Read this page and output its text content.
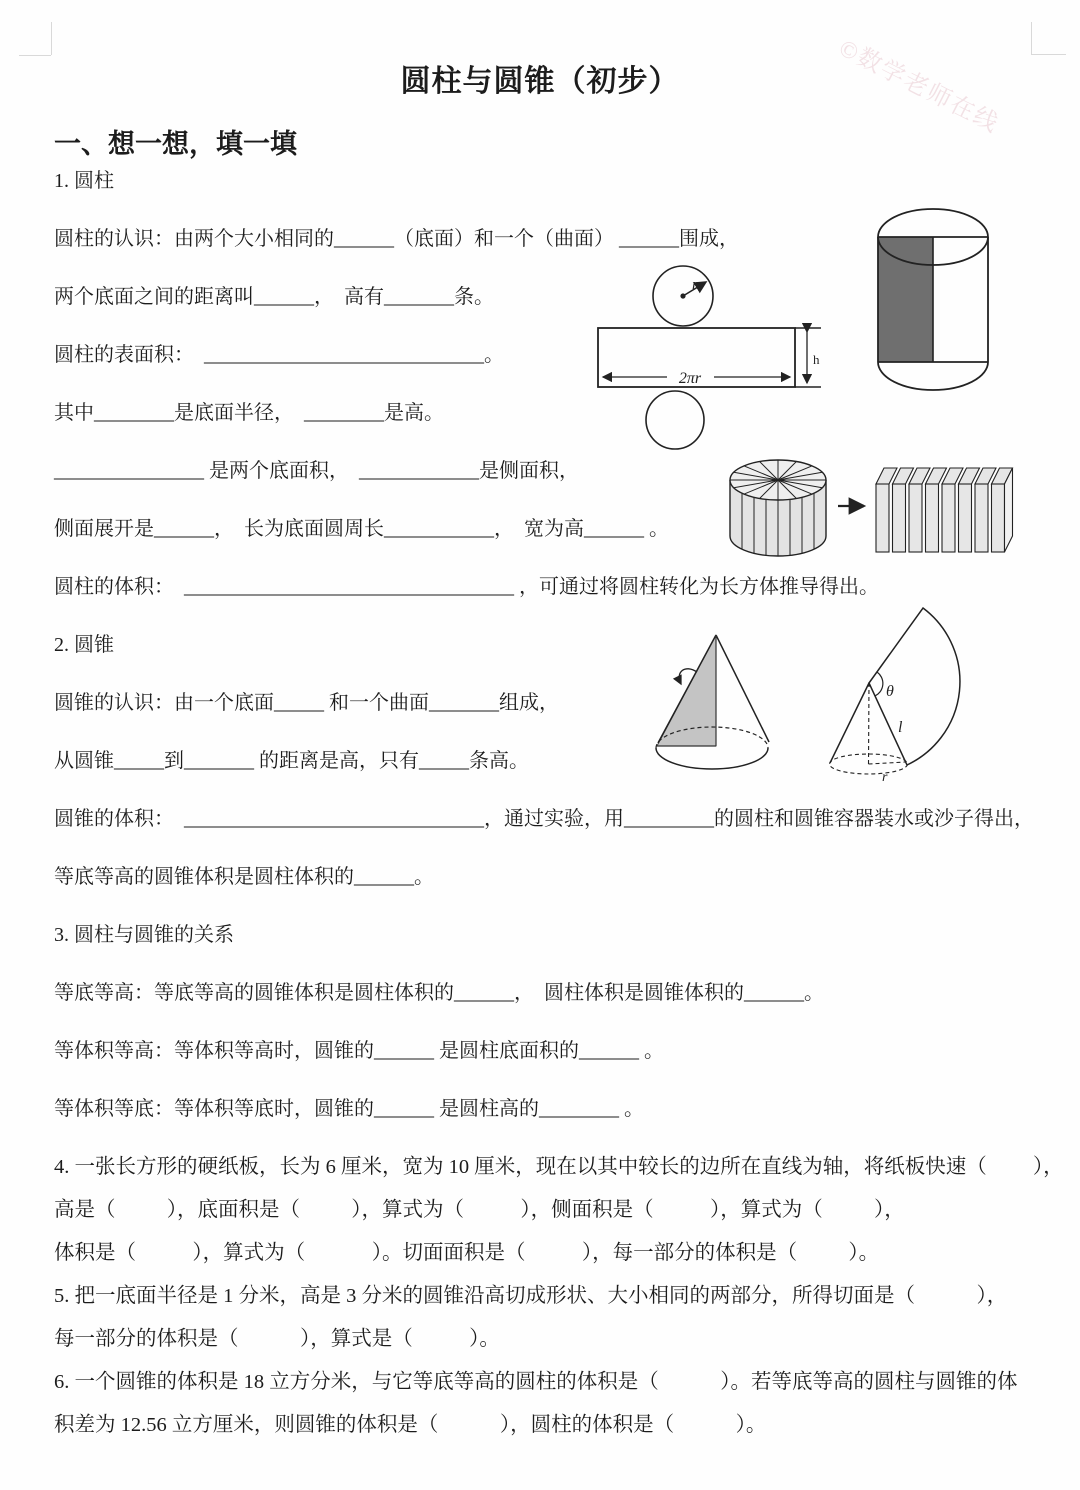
©数学老师在线
圆柱与圆锥（初步）
一、想一想，填一填
1. 圆柱
圆柱的认识：由两个大小相同的______（底面）和一个（曲面） ______围成，
两个底面之间的距离叫______，  高有_______条。
圆柱的表面积：  ____________________________。
其中________是底面半径，  ________是高。
_______________ 是两个底面积，  ____________是侧面积，
侧面展开是______，  长为底面圆周长___________，  宽为高______ 。
圆柱的体积：  _________________________________ ，可通过将圆柱转化为长方体推导得出。
2. 圆锥
圆锥的认识：由一个底面_____ 和一个曲面_______组成，
从圆锥_____到_______ 的距离是高，只有_____条高。
圆锥的体积：  ______________________________，通过实验，用_________的圆柱和圆锥容器装水或沙子得出，
等底等高的圆锥体积是圆柱体积的______。
3. 圆柱与圆锥的关系
等底等高：等底等高的圆锥体积是圆柱体积的______，  圆柱体积是圆锥体积的______。
等体积等高：等体积等高时，圆锥的______ 是圆柱底面积的______ 。
等体积等底：等体积等底时，圆锥的______ 是圆柱高的________ 。
4. 一张长方形的硬纸板，长为 6 厘米，宽为 10 厘米，现在以其中较长的边所在直线为轴，将纸板快速（         ），
高是（          ），底面积是（          ），算式为（           ），侧面积是（           ），算式为（          ），
体积是（           ），算式为（             ）。切面面积是（           ），每一部分的体积是（          ）。
5. 把一底面半径是 1 分米，高是 3 分米的圆锥沿高切成形状、大小相同的两部分，所得切面是（            ），
每一部分的体积是（            ），算式是（           ）。
6. 一个圆锥的体积是 18 立方分米，与它等底等高的圆柱的体积是（            ）。若等底等高的圆柱与圆锥的体
积差为 12.56 立方厘米，则圆锥的体积是（            ），圆柱的体积是（            ）。
r
h
2πr
θ
l
r
